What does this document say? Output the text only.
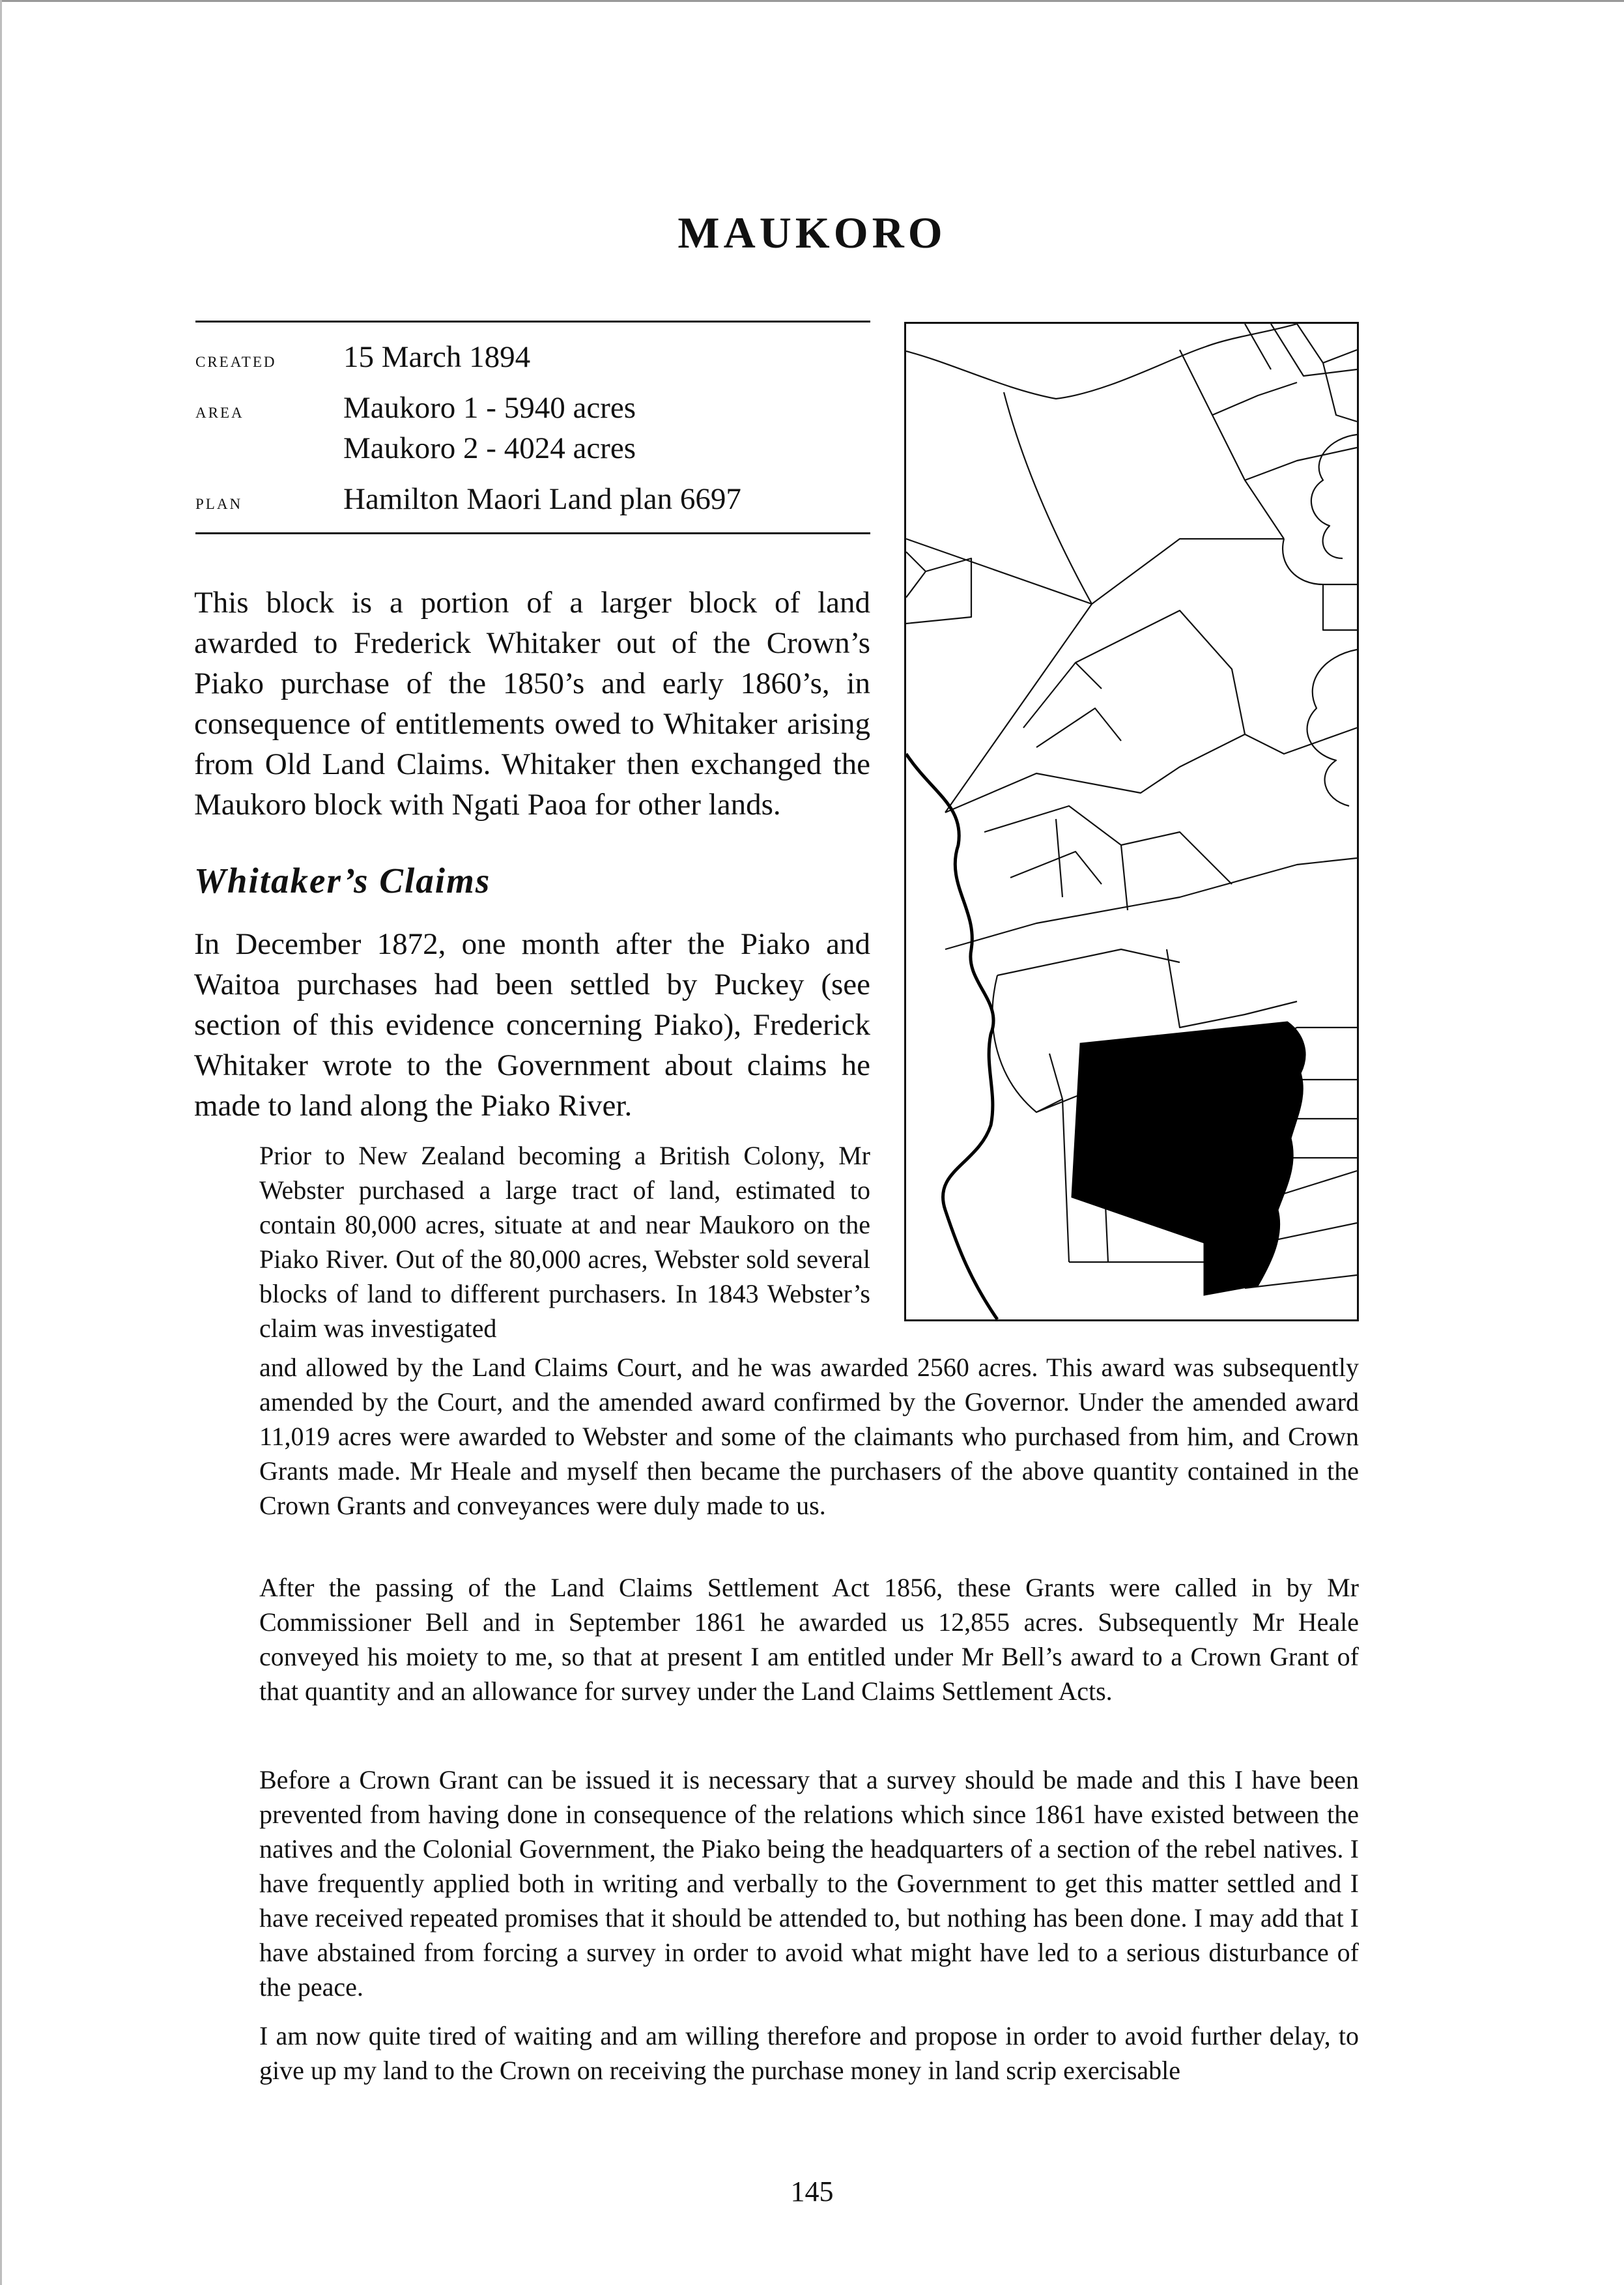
MAUKORO
created	15 March 1894
area	Maukoro 1 - 5940 acres
Maukoro 2 - 4024 acres
plan	Hamilton Maori Land plan 6697

This block is a portion of a larger block of land awarded to Frederick Whitaker out of the Crown’s Piako purchase of the 1850’s and early 1860’s, in consequence of entitlements owed to Whitaker arising from Old Land Claims. Whitaker then exchanged the Maukoro block with Ngati Paoa for other lands.

Whitaker’s Claims

In December 1872, one month after the Piako and Waitoa purchases had been settled by Puckey (see section of this evidence concerning Piako), Frederick Whitaker wrote to the Government about claims he made to land along the Piako River.

Prior to New Zealand becoming a British Colony, Mr Webster purchased a large tract of land, estimated to contain 80,000 acres, situate at and near Maukoro on the Piako River. Out of the 80,000 acres, Webster sold several blocks of land to different purchasers. In 1843 Webster’s claim was investigated

and allowed by the Land Claims Court, and he was awarded 2560 acres. This award was subsequently amended by the Court, and the amended award confirmed by the Governor. Under the amended award 11,019 acres were awarded to Webster and some of the claimants who purchased from him, and Crown Grants made. Mr Heale and myself then became the purchasers of the above quantity contained in the Crown Grants and conveyances were duly made to us.

After the passing of the Land Claims Settlement Act 1856, these Grants were called in by Mr Commissioner Bell and in September 1861 he awarded us 12,855 acres. Subsequently Mr Heale conveyed his moiety to me, so that at present I am entitled under Mr Bell’s award to a Crown Grant of that quantity and an allowance for survey under the Land Claims Settlement Acts.

Before a Crown Grant can be issued it is necessary that a survey should be made and this I have been prevented from having done in consequence of the relations which since 1861 have existed between the natives and the Colonial Government, the Piako being the headquarters of a section of the rebel natives. I have frequently applied both in writing and verbally to the Government to get this matter settled and I have received repeated promises that it should be attended to, but nothing has been done. I may add that I have abstained from forcing a survey in order to avoid what might have led to a serious disturbance of the peace.

I am now quite tired of waiting and am willing therefore and propose in order to avoid further delay, to give up my land to the Crown on receiving the purchase money in land scrip exercisable

145
